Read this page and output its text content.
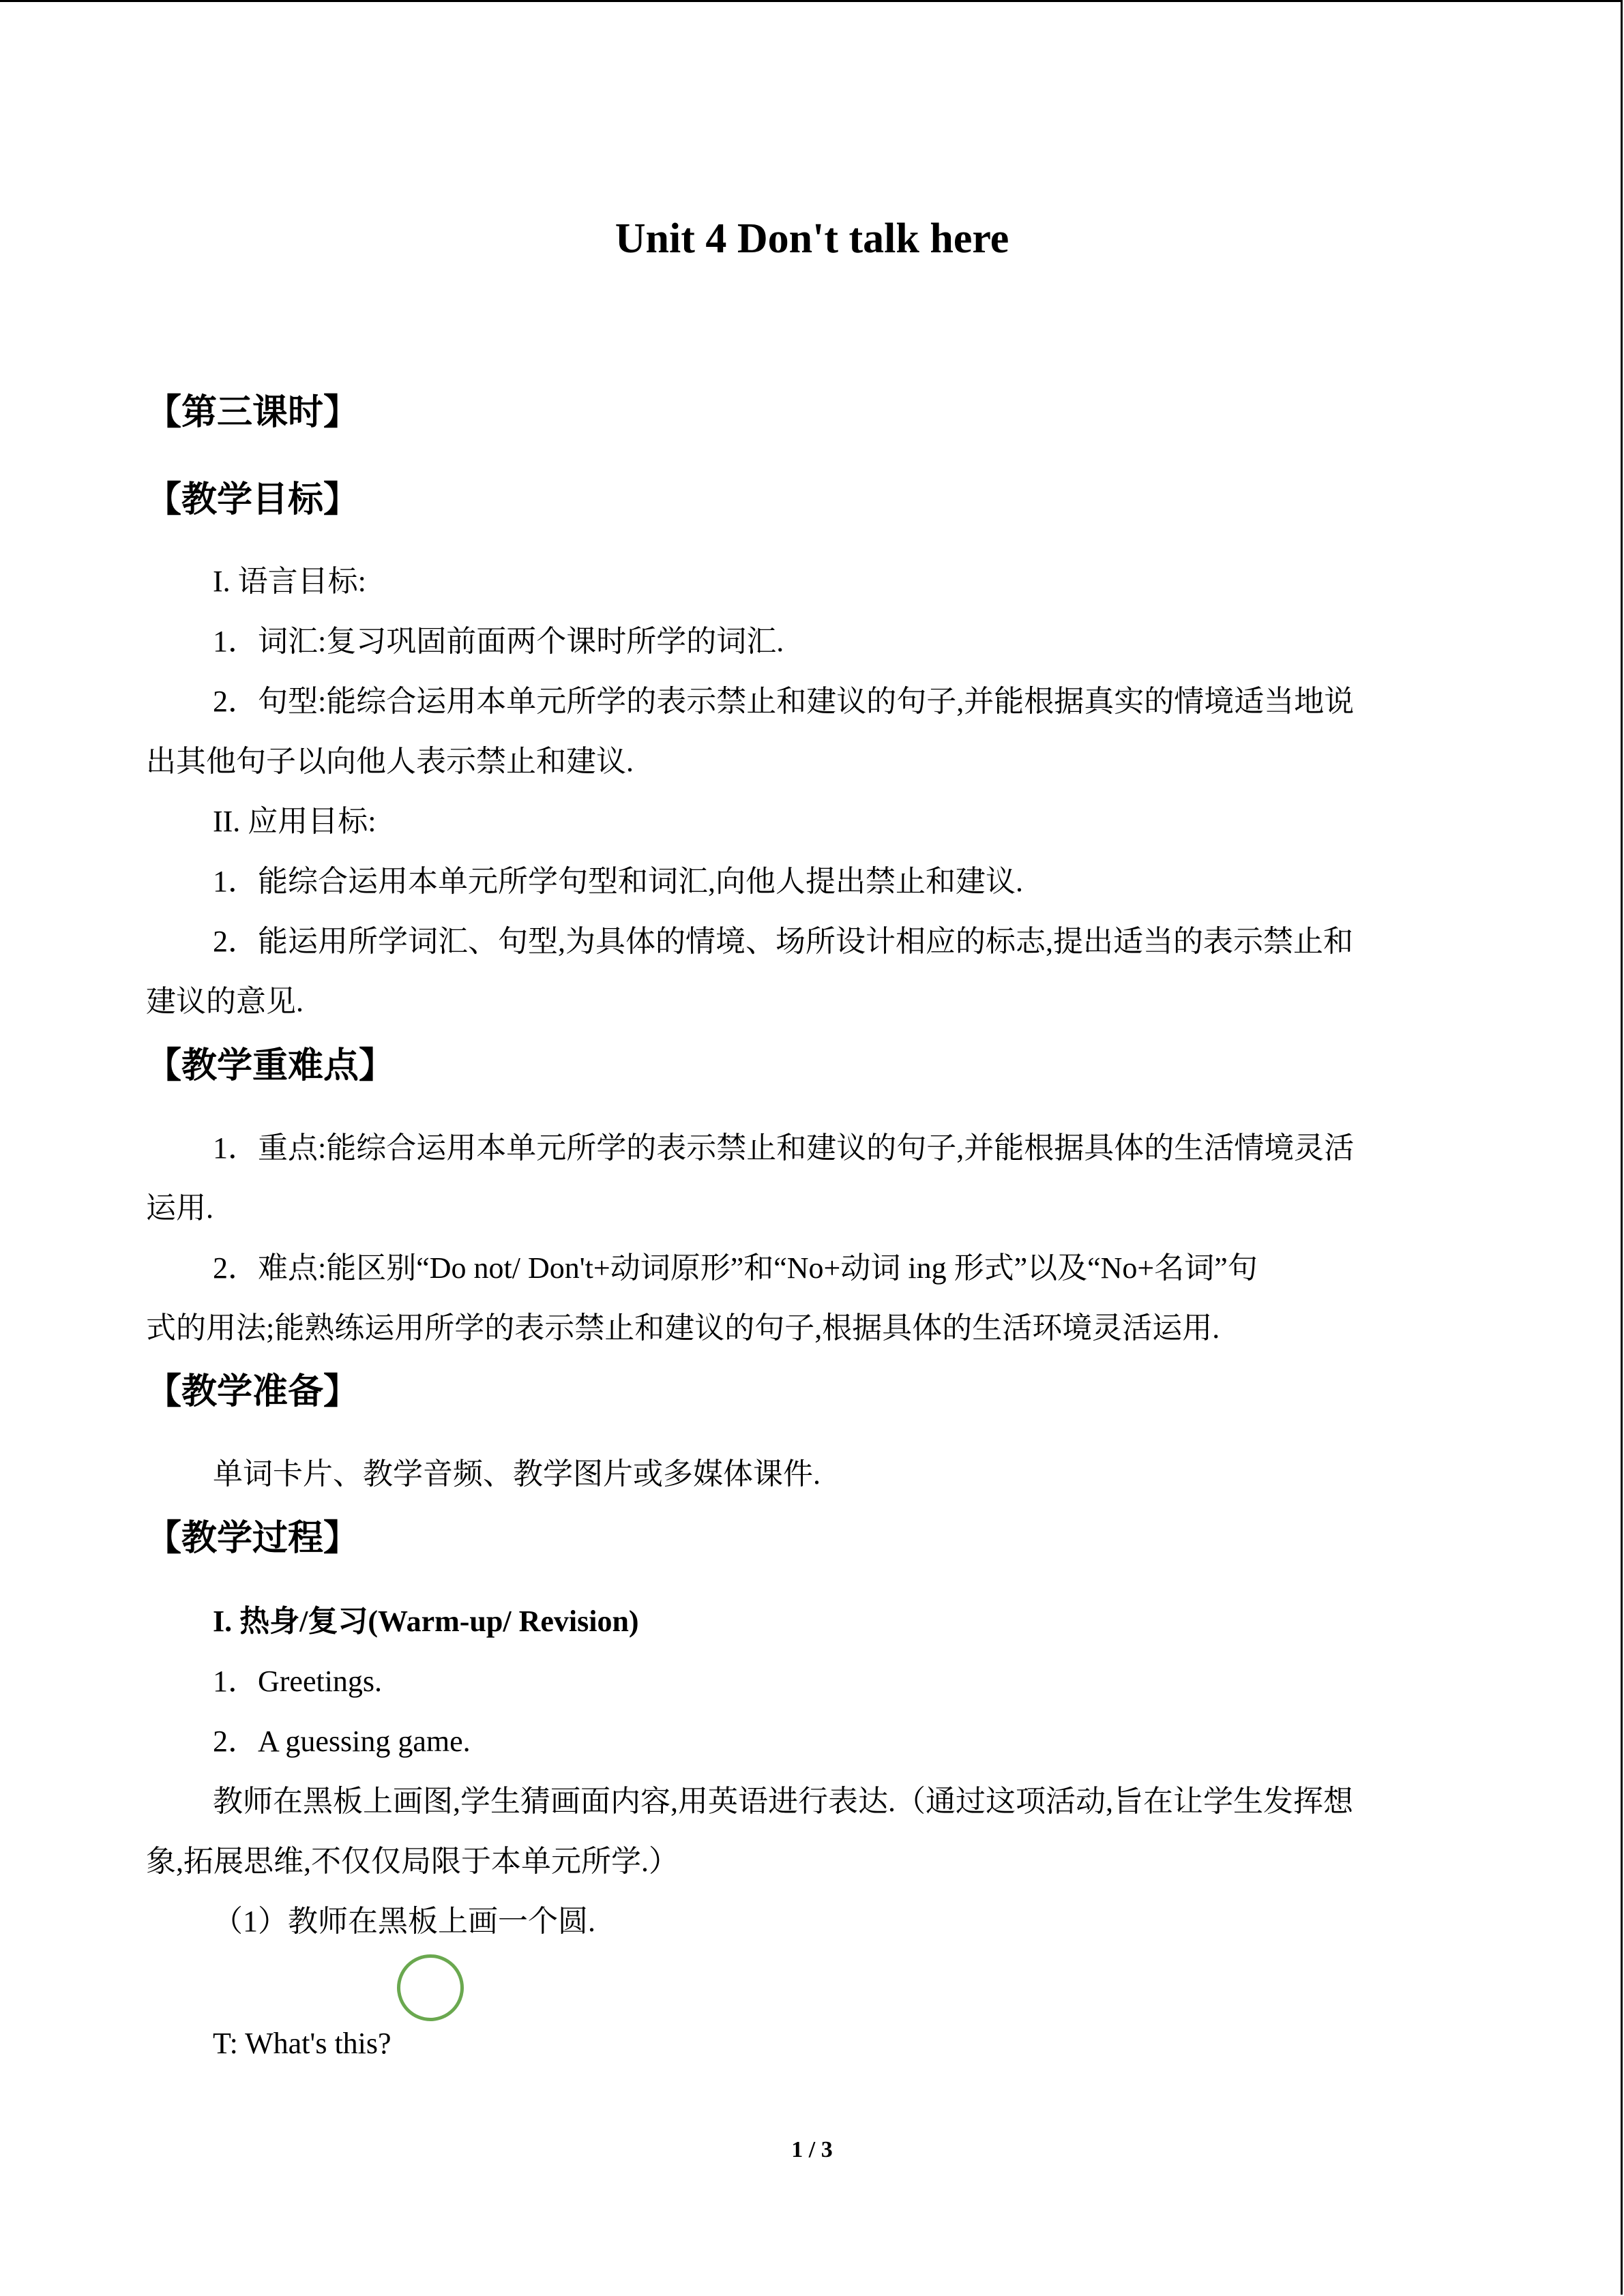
Unit 4 Don't talk here
【第三课时】
【教学目标】
I. 语言目标:
1．词汇:复习巩固前面两个课时所学的词汇.
2．句型:能综合运用本单元所学的表示禁止和建议的句子,并能根据真实的情境适当地说
出其他句子以向他人表示禁止和建议.
II. 应用目标:
1．能综合运用本单元所学句型和词汇,向他人提出禁止和建议.
2．能运用所学词汇、句型,为具体的情境、场所设计相应的标志,提出适当的表示禁止和
建议的意见.
【教学重难点】
1．重点:能综合运用本单元所学的表示禁止和建议的句子,并能根据具体的生活情境灵活
运用.
2．难点:能区别“Do not/ Don't+动词原形”和“No+动词 ing 形式”以及“No+名词”句
式的用法;能熟练运用所学的表示禁止和建议的句子,根据具体的生活环境灵活运用.
【教学准备】
单词卡片、教学音频、教学图片或多媒体课件.
【教学过程】
I. 热身/复习(Warm-up/ Revision)
1．Greetings.
2．A guessing game.
教师在黑板上画图,学生猜画面内容,用英语进行表达.（通过这项活动,旨在让学生发挥想
象,拓展思维,不仅仅局限于本单元所学.）
（1）教师在黑板上画一个圆.
T: What's this?
1 / 3
